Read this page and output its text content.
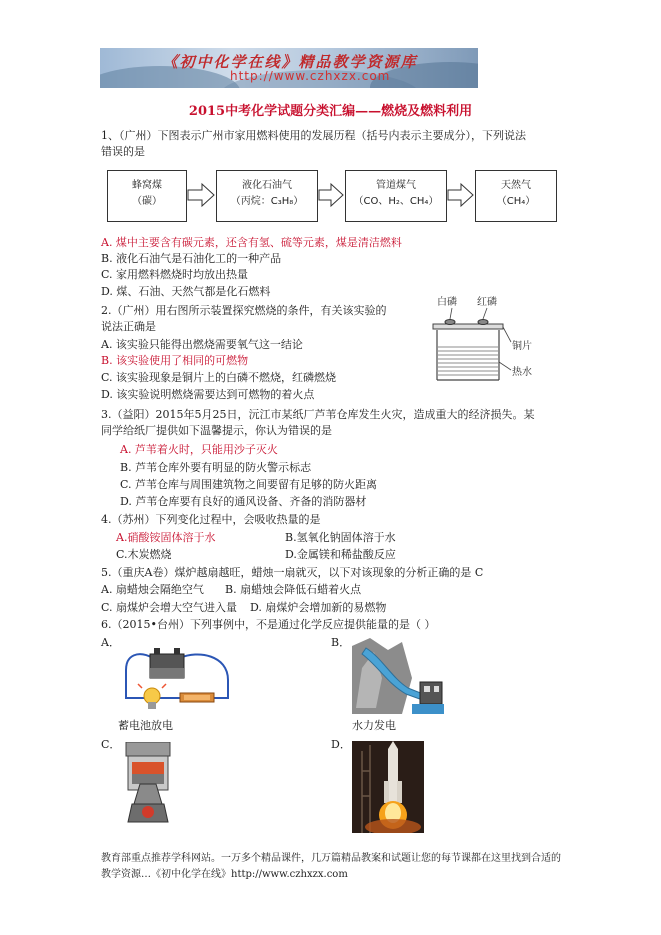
《初中化学在线》精品教学资源库
http://www.czhxzx.com
2015中考化学试题分类汇编——燃烧及燃料利用
1、（广州）下图表示广州市家用燃料使用的发展历程（括号内表示主要成分），下列说法
错误的是
蜂窝煤
（碳）
液化石油气
（丙烷：C₃H₈）
管道煤气
（CO、H₂、CH₄）
天然气
（CH₄）
A. 煤中主要含有碳元素，还含有氢、硫等元素，煤是清洁燃料
B. 液化石油气是石油化工的一种产品
C. 家用燃料燃烧时均放出热量
D. 煤、石油、天然气都是化石燃料
2.（广州）用右图所示装置探究燃烧的条件，有关该实验的
说法正确是
A. 该实验只能得出燃烧需要氧气这一结论
B. 该实验使用了相同的可燃物
C. 该实验现象是铜片上的白磷不燃烧，红磷燃烧
D. 该实验说明燃烧需要达到可燃物的着火点
白磷 红磷
铜片
热水
3.（益阳）2015年5月25日，沅江市某纸厂芦苇仓库发生火灾，造成重大的经济损失。某
同学给纸厂提供如下温馨提示，你认为错误的是
A. 芦苇着火时，只能用沙子灭火
B. 芦苇仓库外要有明显的防火警示标志
C. 芦苇仓库与周围建筑物之间要留有足够的防火距离
D. 芦苇仓库要有良好的通风设备、齐备的消防器材
4.（苏州）下列变化过程中，会吸收热量的是
A.硝酸铵固体溶于水	B.氢氧化钠固体溶于水
C.木炭燃烧	D.金属镁和稀盐酸反应
5.（重庆A卷）煤炉越扇越旺，蜡烛一扇就灭，以下对该现象的分析正确的是 C
A. 扇蜡烛会隔绝空气 B. 扇蜡烛会降低石蜡着火点
C. 扇煤炉会增大空气进入量 D. 扇煤炉会增加新的易燃物
6.（2015•台州）下列事例中，不是通过化学反应提供能量的是（ ）
A．	B．
C．	D．
蓄电池放电	水力发电
教育部重点推荐学科网站。一万多个精品课件，几万篇精品教案和试题让您的每节课都在这里找到合适的
教学资源…《初中化学在线》http://www.czhxzx.com
